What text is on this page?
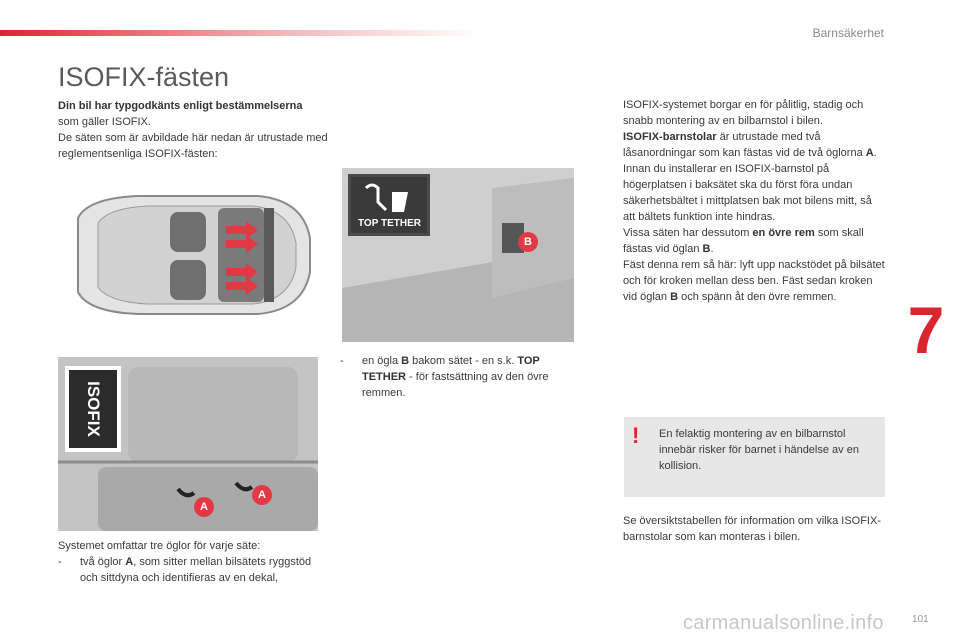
Barnsäkerhet
ISOFIX-fästen

Din bil har typgodkänts enligt bestämmelserna

som gäller ISOFIX.

De säten som är avbildade här nedan är utrustade med reglementsenliga ISOFIX-fästen:

ISOFIX
A
A
TOP TETHER
B

Systemet omfattar tre öglor för varje säte:

- två öglor A, som sitter mellan bilsätets ryggstöd och sittdyna och identifieras av en dekal,

- en ögla B bakom sätet - en s.k. TOP TETHER - för fastsättning av den övre remmen.

ISOFIX-systemet borgar en för pålitlig, stadig och snabb montering av en bilbarnstol i bilen.

ISOFIX-barnstolar är utrustade med två låsanordningar som kan fästas vid de två öglorna A.

Innan du installerar en ISOFIX-barnstol på högerplatsen i baksätet ska du först föra undan säkerhetsbältet i mittplatsen bak mot bilens mitt, så att bältets funktion inte hindras.

Vissa säten har dessutom en övre rem som skall fästas vid öglan B.

Fäst denna rem så här: lyft upp nackstödet på bilsätet och för kroken mellan dess ben. Fäst sedan kroken vid öglan B och spänn åt den övre remmen.

! En felaktig montering av en bilbarnstol innebär risker för barnet i händelse av en kollision.

Se översiktstabellen för information om vilka ISOFIX-barnstolar som kan monteras i bilen.

7
101
carmanualsonline.info
